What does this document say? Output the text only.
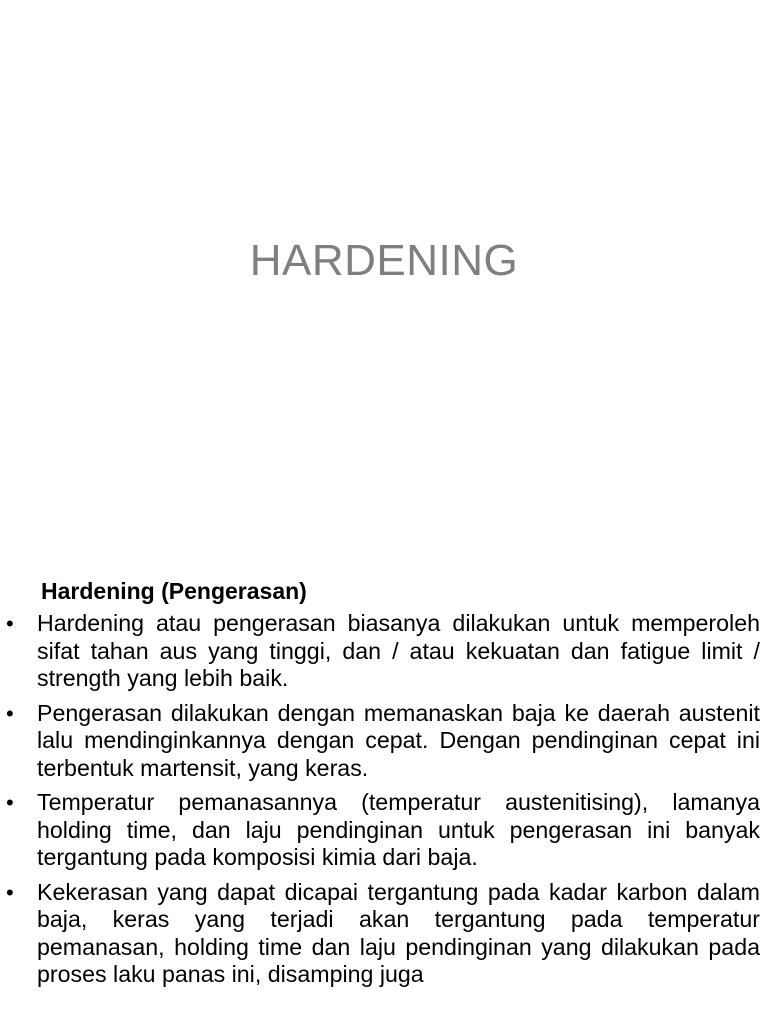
HARDENING
Hardening (Pengerasan)
• Hardening atau pengerasan biasanya dilakukan untuk memperoleh sifat tahan aus yang tinggi, dan / atau kekuatan dan fatigue limit / strength yang lebih baik.
• Pengerasan dilakukan dengan memanaskan baja ke daerah austenit lalu mendinginkannya dengan cepat. Dengan pendinginan cepat ini terbentuk martensit, yang keras.
• Temperatur pemanasannya (temperatur austenitising), lamanya holding time, dan laju pendinginan untuk pengerasan ini banyak tergantung pada komposisi kimia dari baja.
• Kekerasan yang dapat dicapai tergantung pada kadar karbon dalam baja, keras yang terjadi akan tergantung pada temperatur pemanasan, holding time dan laju pendinginan yang dilakukan pada proses laku panas ini, disamping juga
